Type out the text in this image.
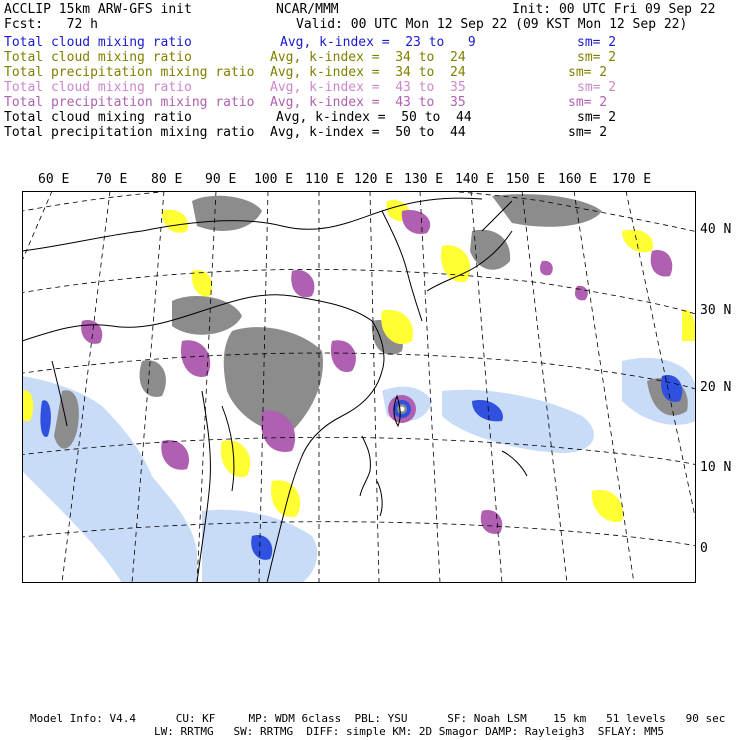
ACCLIP 15km ARW-GFS init	NCAR/MMM	Init: 00 UTC Fri 09 Sep 22
Fcst:   72 h	Valid: 00 UTC Mon 12 Sep 22 (09 KST Mon 12 Sep 22)
Total cloud mixing ratio	Avg, k-index =  23 to   9	sm= 2
Total cloud mixing ratio	Avg, k-index =  34 to  24	sm= 2
Total precipitation mixing ratio Avg, k-index =  34 to  24	sm= 2
Total cloud mixing ratio	Avg, k-index =  43 to  35	sm= 2
Total precipitation mixing ratio Avg, k-index =  43 to  35	sm= 2
Total cloud mixing ratio	Avg, k-index =  50 to  44	sm= 2
Total precipitation mixing ratio Avg, k-index =  50 to  44	sm= 2
60 E 70 E 80 E 90 E 100 E 110 E 120 E 130 E 140 E 150 E 160 E 170 E
40 N
30 N
20 N
10 N
0
Model Info: V4.4      CU: KF     MP: WDM 6class  PBL: YSU      SF: Noah LSM    15 km   51 levels   90 sec
LW: RRTMG   SW: RRTMG  DIFF: simple KM: 2D Smagor DAMP: Rayleigh3  SFLAY: MM5
